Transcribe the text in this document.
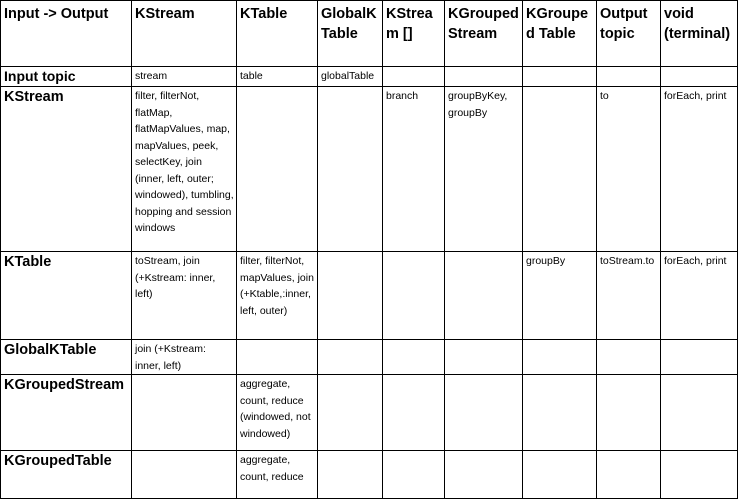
Input -> Output	KStream	KTable	GlobalK Table	KStream []	KGrouped Stream	KGrouped Table	Output topic	void (terminal)
Input topic	stream	table	globalTable					
KStream	filter, filterNot, flatMap, flatMapValues, map, mapValues, peek, selectKey, join (inner, left, outer; windowed), tumbling, hopping and session windows			branch	groupByKey, groupBy		to	forEach, print
KTable	toStream, join (+Kstream: inner, left)	filter, filterNot, mapValues, join (+Ktable,:inner, left, outer)				groupBy	toStream.to	forEach, print
GlobalKTable	join (+Kstream: inner, left)							
KGroupedStream		aggregate, count, reduce (windowed, not windowed)						
KGroupedTable		aggregate, count, reduce						
